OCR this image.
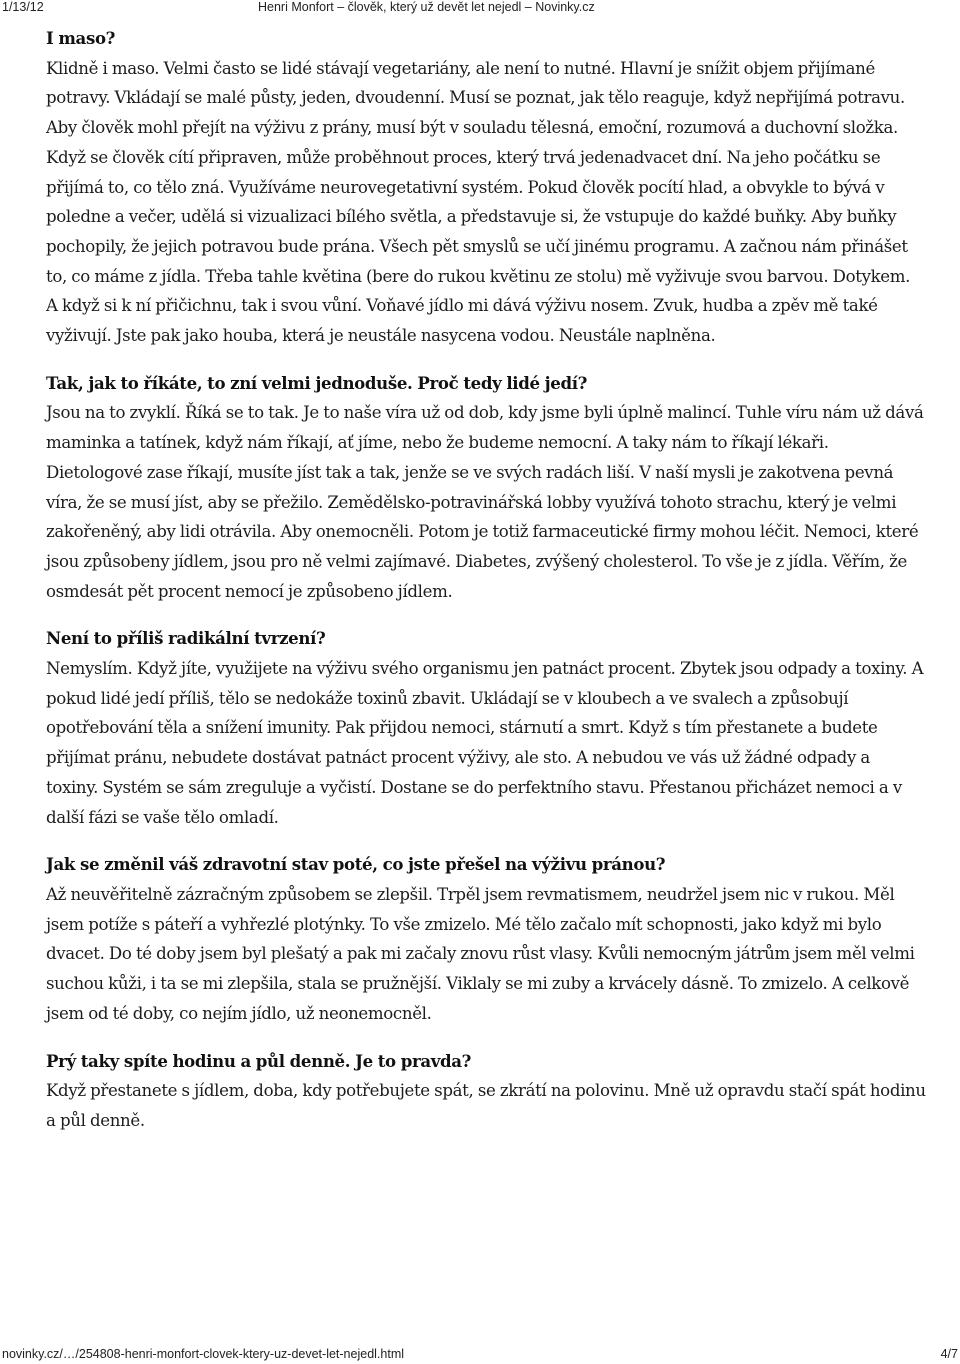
1/13/12	Henri Monfort – člověk, který už devět let nejedl – Novinky.cz
I maso?
Klidně i maso. Velmi často se lidé stávají vegetariány, ale není to nutné. Hlavní je snížit objem přijímané potravy. Vkládají se malé půsty, jeden, dvoudenní. Musí se poznat, jak tělo reaguje, když nepřijímá potravu. Aby člověk mohl přejít na výživu z prány, musí být v souladu tělesná, emoční, rozumová a duchovní složka. Když se člověk cítí připraven, může proběhnout proces, který trvá jedenadvacet dní. Na jeho počátku se přijímá to, co tělo zná. Využíváme neurovegetativní systém. Pokud člověk pocítí hlad, a obvykle to bývá v poledne a večer, udělá si vizualizaci bílého světla, a představuje si, že vstupuje do každé buňky. Aby buňky pochopily, že jejich potravou bude prána. Všech pět smyslů se učí jinému programu. A začnou nám přinášet to, co máme z jídla. Třeba tahle květina (bere do rukou květinu ze stolu) mě vyživuje svou barvou. Dotykem. A když si k ní přičichnu, tak i svou vůní. Voňavé jídlo mi dává výživu nosem. Zvuk, hudba a zpěv mě také vyživují. Jste pak jako houba, která je neustále nasycena vodou. Neustále naplněna.
Tak, jak to říkáte, to zní velmi jednoduše. Proč tedy lidé jedí?
Jsou na to zvyklí. Říká se to tak. Je to naše víra už od dob, kdy jsme byli úplně malincí. Tuhle víru nám už dává maminka a tatínek, když nám říkají, ať jíme, nebo že budeme nemocní. A taky nám to říkají lékaři. Dietologové zase říkají, musíte jíst tak a tak, jenže se ve svých radách liší. V naší mysli je zakotvena pevná víra, že se musí jíst, aby se přežilo. Zemědělsko-potravinářská lobby využívá tohoto strachu, který je velmi zakořeněný, aby lidi otrávila. Aby onemocněli. Potom je totiž farmaceutické firmy mohou léčit. Nemoci, které jsou způsobeny jídlem, jsou pro ně velmi zajímavé. Diabetes, zvýšený cholesterol. To vše je z jídla. Věřím, že osmdesát pět procent nemocí je způsobeno jídlem.
Není to příliš radikální tvrzení?
Nemyslím. Když jíte, využijete na výživu svého organismu jen patnáct procent. Zbytek jsou odpady a toxiny. A pokud lidé jedí příliš, tělo se nedokáže toxinů zbavit. Ukládají se v kloubech a ve svalech a způsobují opotřebování těla a snížení imunity. Pak přijdou nemoci, stárnutí a smrt. Když s tím přestanete a budete přijímat pránu, nebudete dostávat patnáct procent výživy, ale sto. A nebudou ve vás už žádné odpady a toxiny. Systém se sám zreguluje a vyčistí. Dostane se do perfektního stavu. Přestanou přicházet nemoci a v další fázi se vaše tělo omladí.
Jak se změnil váš zdravotní stav poté, co jste přešel na výživu pránou?
Až neuvěřitelně zázračným způsobem se zlepšil. Trpěl jsem revmatismem, neudržel jsem nic v rukou. Měl jsem potíže s páteří a vyhřezlé plotýnky. To vše zmizelo. Mé tělo začalo mít schopnosti, jako když mi bylo dvacet. Do té doby jsem byl plešatý a pak mi začaly znovu růst vlasy. Kvůli nemocným játrům jsem měl velmi suchou kůži, i ta se mi zlepšila, stala se pružnější. Viklaly se mi zuby a krvácely dásně. To zmizelo. A celkově jsem od té doby, co nejím jídlo, už neonemocněl.
Prý taky spíte hodinu a půl denně. Je to pravda?
Když přestanete s jídlem, doba, kdy potřebujete spát, se zkrátí na polovinu. Mně už opravdu stačí spát hodinu a půl denně.
novinky.cz/…/254808-henri-monfort-clovek-ktery-uz-devet-let-nejedl.html	4/7
